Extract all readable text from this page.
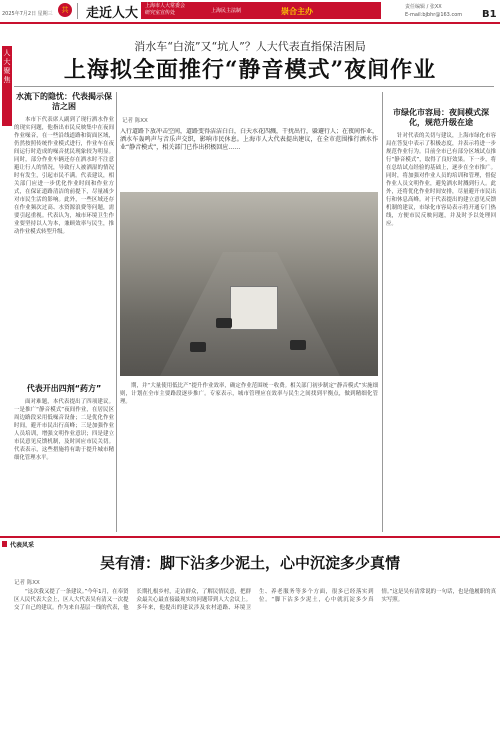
2025年7月2日 星期三	共 走近人大 上海市人大常委会
研究室宣传处	上海民主法制	崇合主办	责任编辑 / 张XX
E-mail:bjbhr@163.com B1
人大聚焦
消水车“白流”又“坑人”？人大代表直指保洁困局
上海拟全面推行“静音模式”夜间作业
水流下的隐忧：代表揭示保洁之困

本市下代表席人副到了现行洒水作业的现实问题，他指出市民反映集中在夜间作业噪音，在一些沿线道路和街面区域，仍然按照传统作业模式进行，作业车在夜间运行时造成的噪音扰民现象较为明显。同时，部分作业车辆还存在洒水时不注意避让行人的情况，导致行人被洒湿的情况时有发生，引起市民不满。代表建议，相关部门应进一步优化作业时间和作业方式，在保证道路清洁的前提下，尽量减少对市民生活的影响。此外，一些区域还存在作业频次过高、水资源浪费等问题，需要引起重视。代表认为，城市环境卫生作业要坚持以人为本，兼顾效率与民生，推动作业模式转型升级。

代表开出四剂“药方”

面对难题，本代表提出了四项建议。一是推广“静音模式”夜间作业，在居民区周边路段采用低噪音设备；二是优化作业时间，避开市民出行高峰；三是加强作业人员培训，增强文明作业意识；四是建立市民意见反馈机制，及时回应市民关切。代表表示，这些措施将有助于提升城市精细化管理水平。

记者 陈XX
入行道路下放冲击空间，道路变得洁洁白白，白天水花四溅，干扰出行，躲避行人；在夜间作业，洒水车轰鸣声与音乐声交织，影响市民休息。上海市人大代表提出建议，在全市范围推行洒水作业“静音模式”，相关部门已作出积极回应……

期，并“大量使用低比产”提升作业效率，确定作业范围统一收费。相关部门初步制定“静音模式”实施细则，计划在全市主要路段逐步推广。专家表示，城市管理应在效率与民生之间找到平衡点，做到精细化管理。

市绿化市容局：夜间模式深化，规范升级在途

针对代表的关切与建议，上海市绿化市容局在答复中表示了积极态度，并表示将进一步规范作业行为。目前全市已有部分区域试点推行“静音模式”，取得了良好效果。下一步，将在总结试点经验的基础上，逐步在全市推广。同时，将加强对作业人员的培训和管理，督促作业人员文明作业，避免洒水时溅到行人。此外，还将优化作业时间安排，尽量避开市民出行和休息高峰。对于代表提出的建立意见反馈机制的建议，市绿化市容局表示将开通专门热线，方便市民反映问题，并及时予以处理回应。

代表风采
吴有清：脚下沾多少泥土，心中沉淀多少真情
记者 陈XX

“这次我又提了一条建议。”今年1月，在奉贤区人民代表大会上，区人大代表吴有清又一次提交了自己的建议。作为来自基层一线的代表，他长期扎根乡村，走访群众，了解民情民意，把群众最关心最直接最现实的问题带到人大会议上。多年来，他提出的建议涉及农村道路、环境卫生、养老服务等多个方面，很多已经落实到位。“脚下沾多少泥土，心中就沉淀多少真情。”这是吴有清常说的一句话，也是他履职的真实写照。
